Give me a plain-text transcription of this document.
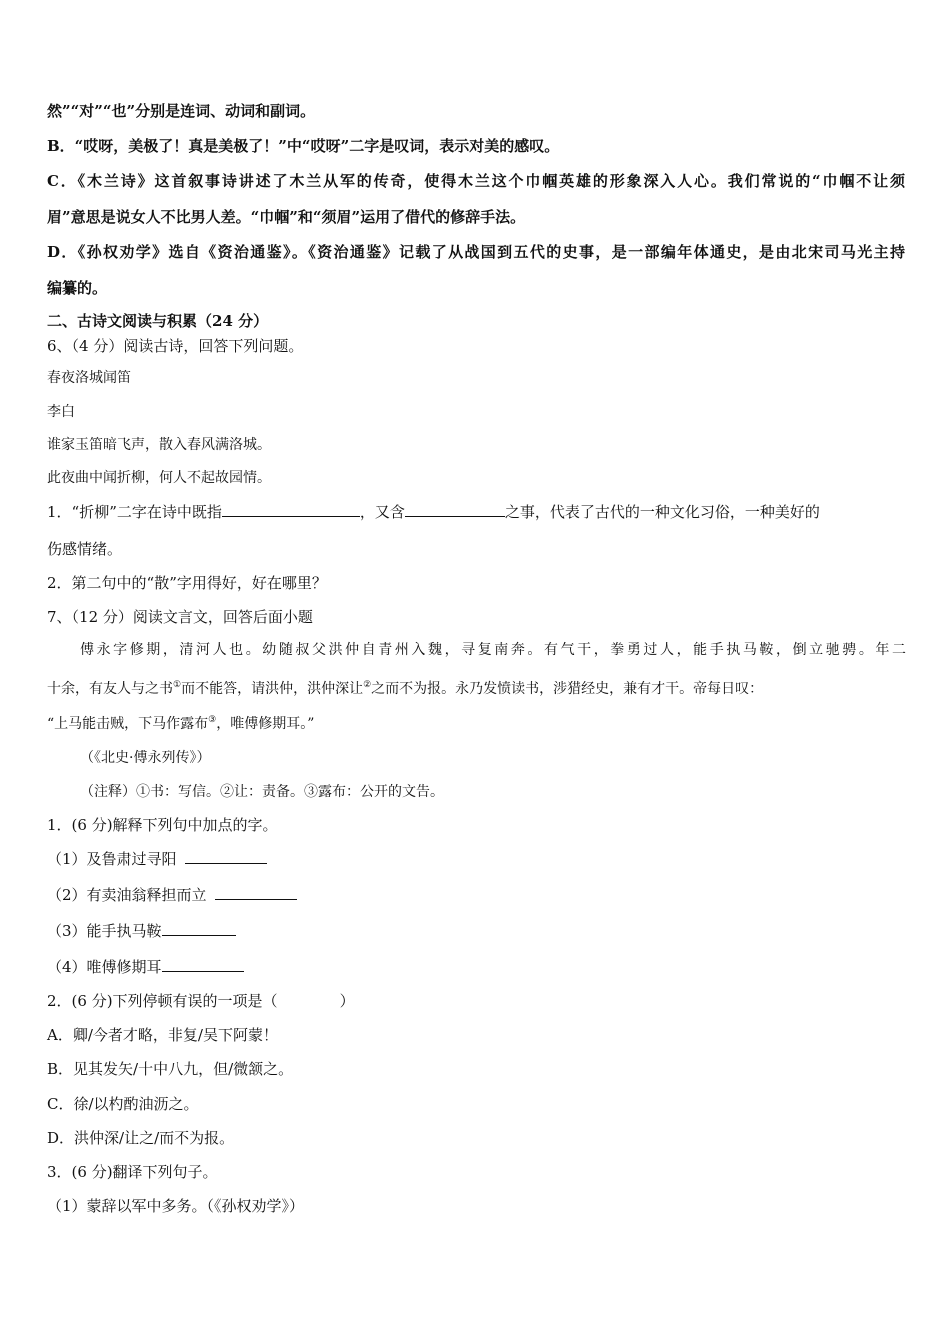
然”“对”“也”分别是连词、动词和副词。
B．“哎呀，美极了！真是美极了！”中“哎呀”二字是叹词，表示对美的感叹。
C．《木兰诗》这首叙事诗讲述了木兰从军的传奇，使得木兰这个巾帼英雄的形象深入人心。我们常说的“巾帼不让须
眉”意思是说女人不比男人差。“巾帼”和“须眉”运用了借代的修辞手法。
D．《孙权劝学》选自《资治通鉴》。《资治通鉴》记载了从战国到五代的史事，是一部编年体通史，是由北宋司马光主持
编纂的。
二、古诗文阅读与积累（24 分）
6、（4 分）阅读古诗，回答下列问题。
春夜洛城闻笛
李白
谁家玉笛暗飞声，散入春风满洛城。
此夜曲中闻折柳，何人不起故园情。
1．“折柳”二字在诗中既指	，又含	之事，代表了古代的一种文化习俗，一种美好的
伤感情绪。
2．第二句中的“散”字用得好，好在哪里？
7、（12 分）阅读文言文，回答后面小题
傅永字修期，清河人也。幼随叔父洪仲自青州入魏，寻复南奔。有气干，拳勇过人，能手执马鞍，倒立驰骋。年二
十余，有友人与之书①而不能答，请洪仲，洪仲深让②之而不为报。永乃发愤读书，涉猎经史，兼有才干。帝每日叹：
“上马能击贼，下马作露布③，唯傅修期耳。”
（《北史·傅永列传》）
（注释）①书：写信。②让：责备。③露布：公开的文告。
1．(6 分)解释下列句中加点的字。
（1）及鲁肃过寻阳
（2）有卖油翁释担而立
（3）能手执马鞍
（4）唯傅修期耳
2．(6 分)下列停顿有误的一项是（	）
A．卿/今者才略，非复/吴下阿蒙！
B．见其发矢/十中八九，但/微颔之。
C．徐/以杓酌油沥之。
D．洪仲深/让之/而不为报。
3．(6 分)翻译下列句子。
（1）蒙辞以军中多务。（《孙权劝学》）
